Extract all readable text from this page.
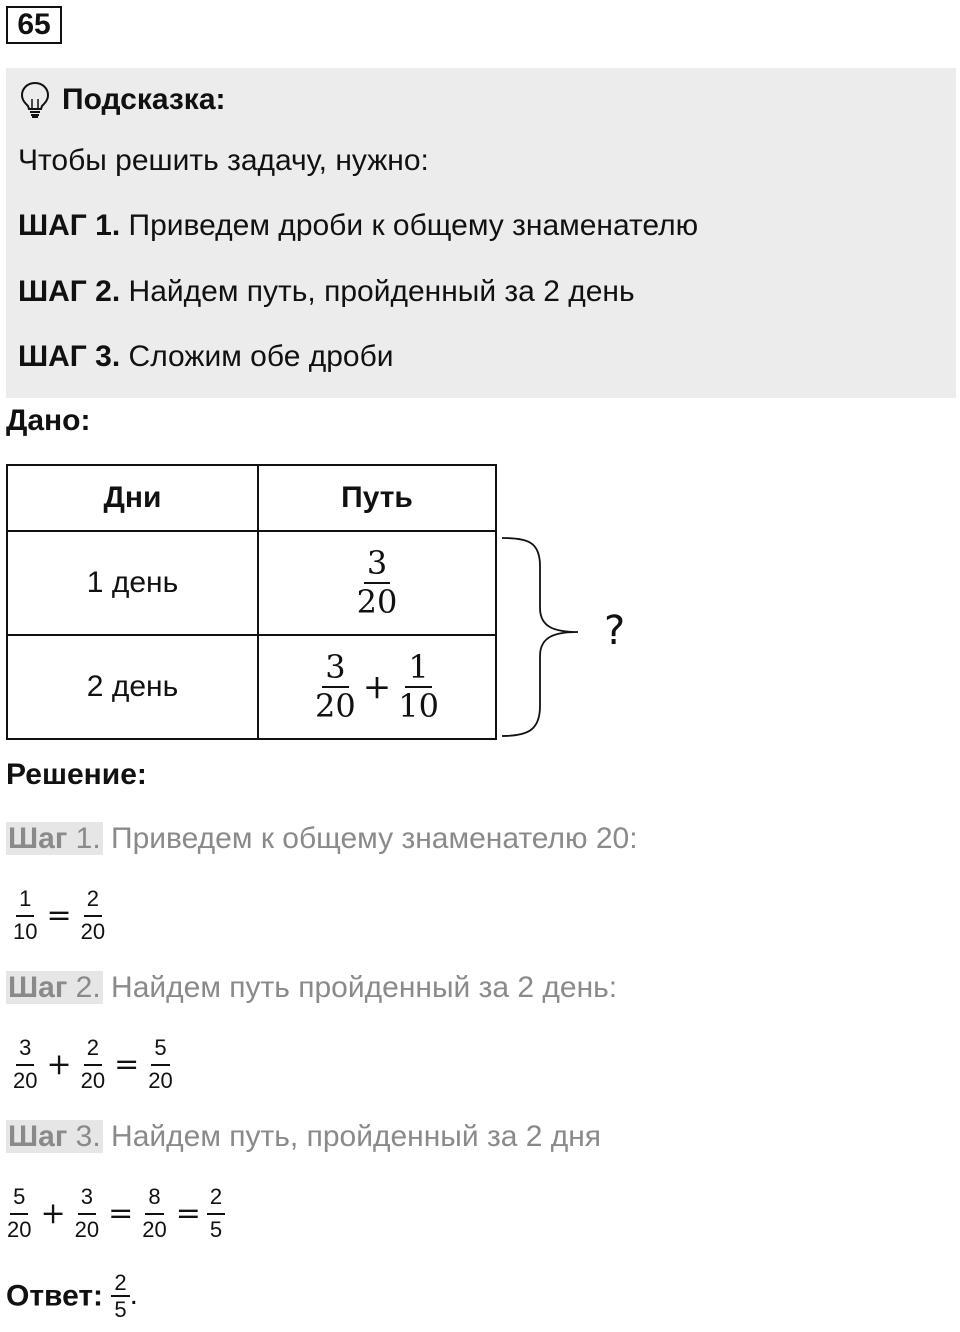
65
Подсказка:
Чтобы решить задачу, нужно:
ШАГ 1. Приведем дроби к общему знаменателю
ШАГ 2. Найдем путь, пройденный за 2 день
ШАГ 3. Сложим обе дроби
Дано:
Дни	Путь
1 день	$\frac{3}{20}$

2 день	$\frac{3}{20} + \frac{1}{10}$
?
Решение:
Шаг 1. Приведем к общему знаменателю 20:
$\frac{1}{10} = \frac{2}{20}$
Шаг 2. Найдем путь пройденный за 2 день:
$\frac{3}{20} + \frac{2}{20} = \frac{5}{20}$
Шаг 3. Найдем путь, пройденный за 2 дня
$\frac{5}{20} + \frac{3}{20} = \frac{8}{20} = \frac{2}{5}$
Ответ: $\frac{2}{5}$ .
